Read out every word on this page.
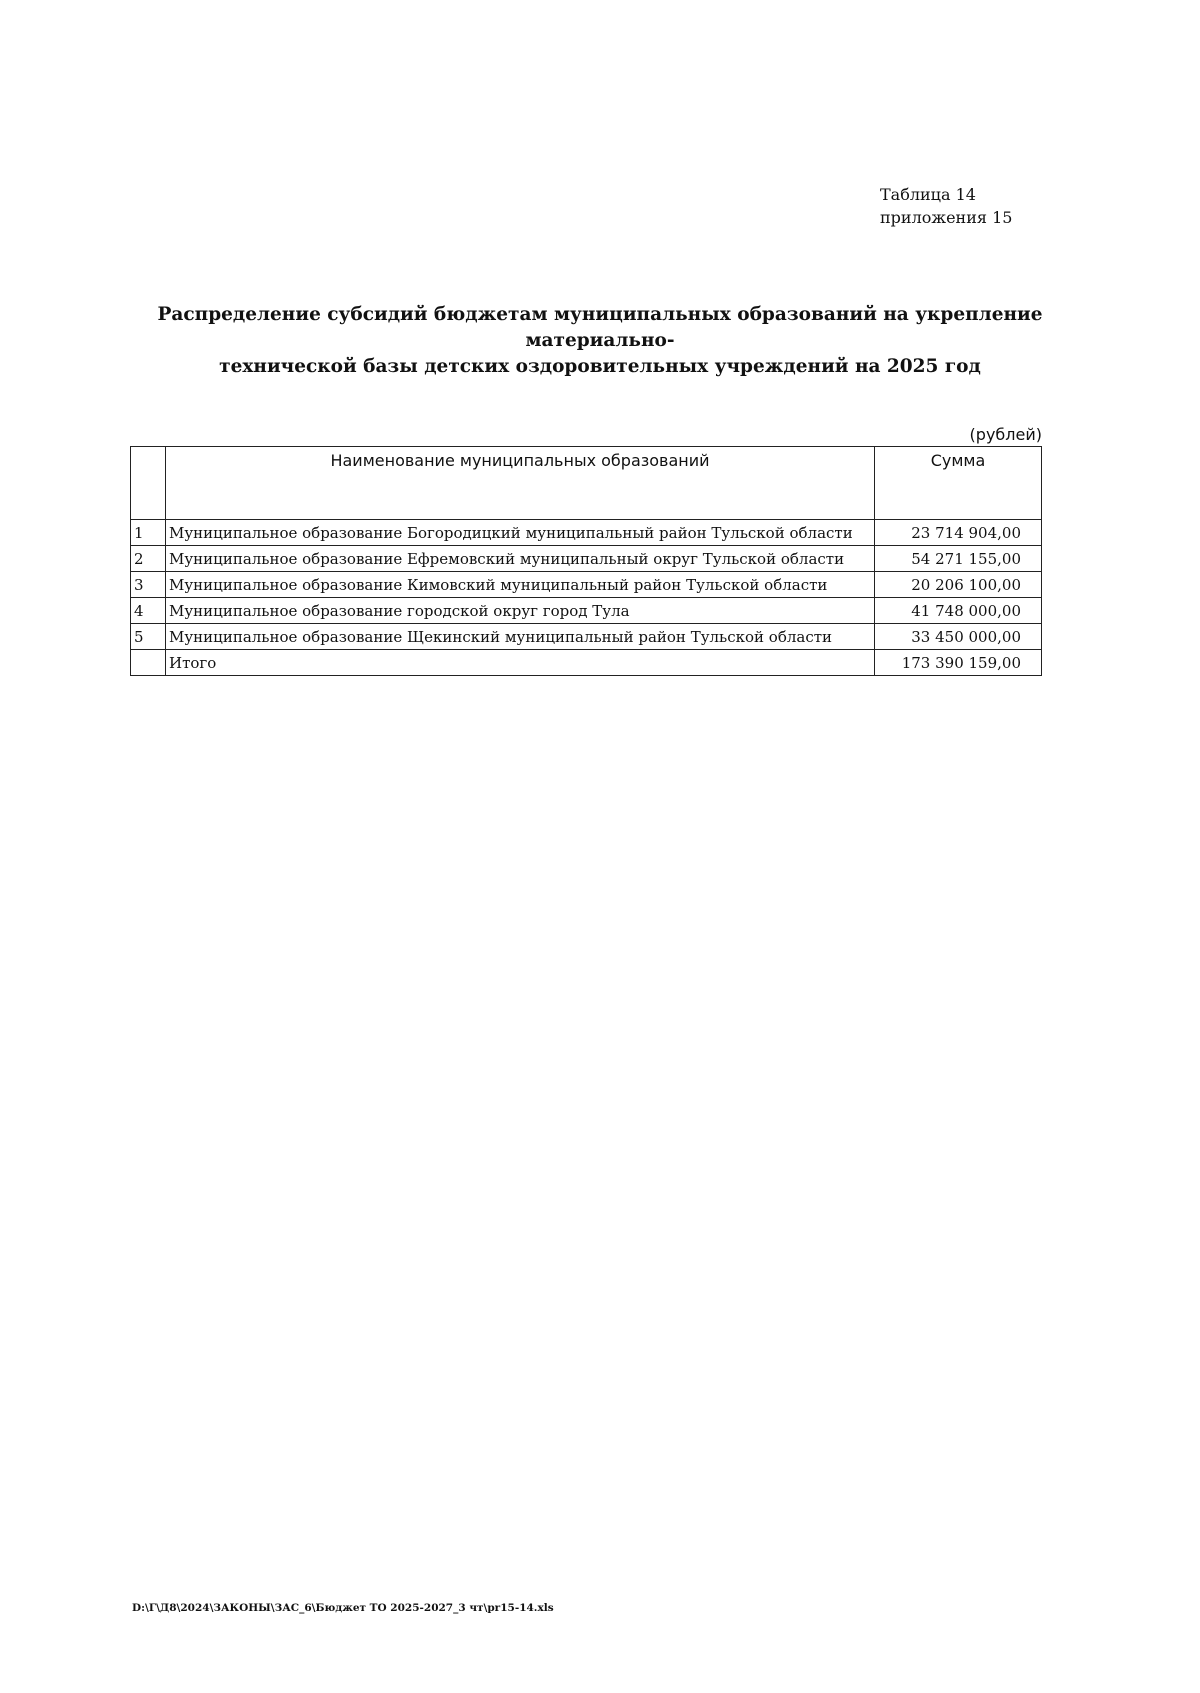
Таблица 14
приложения 15
Распределение субсидий бюджетам муниципальных образований на укрепление материально-
технической базы детских оздоровительных учреждений на 2025 год
(рублей)
	Наименование муниципальных образований	Сумма
1	Муниципальное образование Богородицкий муниципальный район Тульской области	23 714 904,00
2	Муниципальное образование Ефремовский муниципальный округ Тульской области	54 271 155,00
3	Муниципальное образование Кимовский муниципальный район Тульской области	20 206 100,00
4	Муниципальное образование городской округ город Тула	41 748 000,00
5	Муниципальное образование Щекинский муниципальный район Тульской области	33 450 000,00
	Итого	173 390 159,00
D:\Г\Д8\2024\ЗАКОНЫ\ЗАС_6\Бюджет ТО 2025-2027_3 чт\pr15-14.xls
